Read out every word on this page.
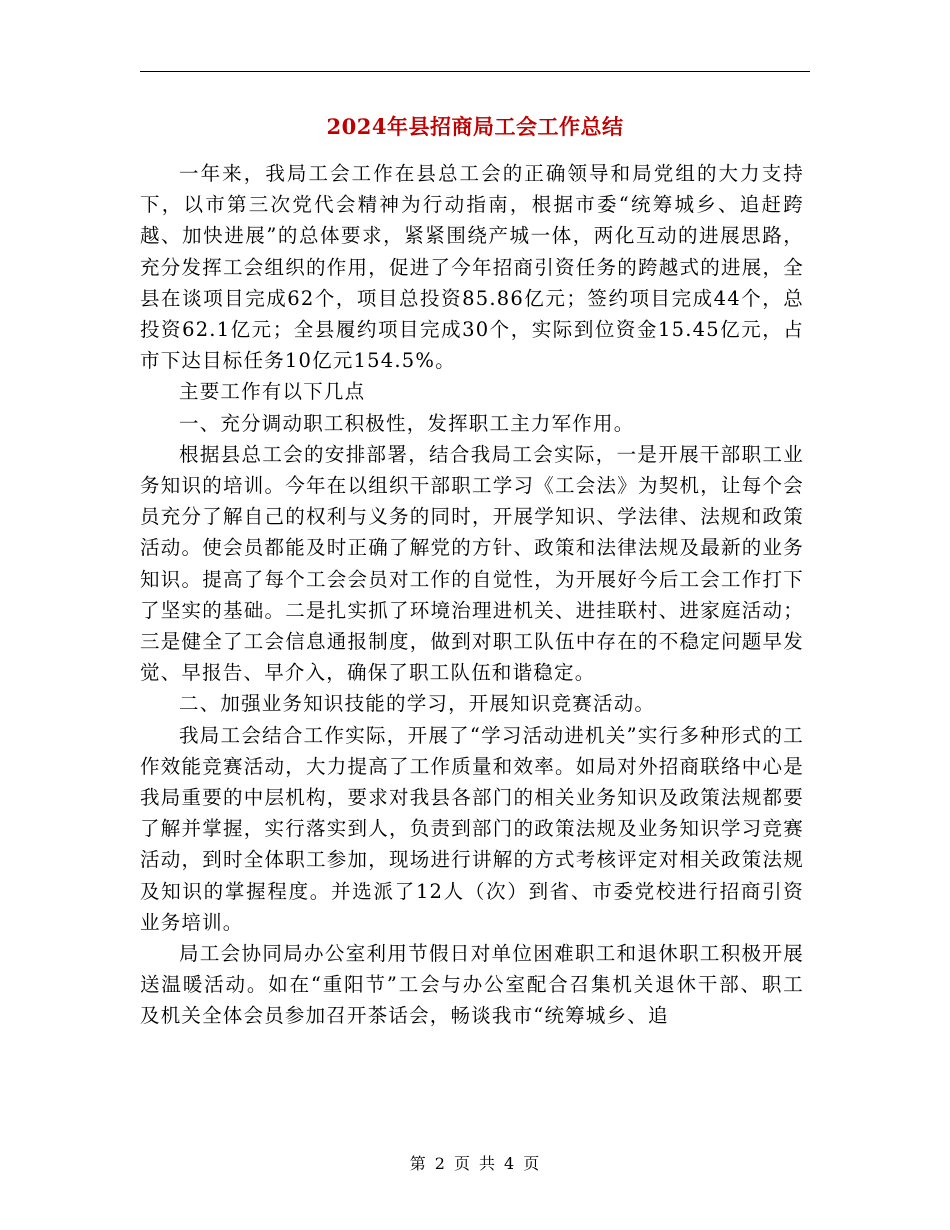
2024年县招商局工会工作总结

一年来，我局工会工作在县总工会的正确领导和局党组的大力支持下，以市第三次党代会精神为行动指南，根据市委“统筹城乡、追赶跨越、加快进展”的总体要求，紧紧围绕产城一体，两化互动的进展思路，充分发挥工会组织的作用，促进了今年招商引资任务的跨越式的进展，全县在谈项目完成62个，项目总投资85.86亿元；签约项目完成44个，总投资62.1亿元；全县履约项目完成30个，实际到位资金15.45亿元，占市下达目标任务10亿元154.5%。

主要工作有以下几点

一、充分调动职工积极性，发挥职工主力军作用。

根据县总工会的安排部署，结合我局工会实际，一是开展干部职工业务知识的培训。今年在以组织干部职工学习《工会法》为契机，让每个会员充分了解自己的权利与义务的同时，开展学知识、学法律、法规和政策活动。使会员都能及时正确了解党的方针、政策和法律法规及最新的业务知识。提高了每个工会会员对工作的自觉性，为开展好今后工会工作打下了坚实的基础。二是扎实抓了环境治理进机关、进挂联村、进家庭活动；三是健全了工会信息通报制度，做到对职工队伍中存在的不稳定问题早发觉、早报告、早介入，确保了职工队伍和谐稳定。

二、加强业务知识技能的学习，开展知识竞赛活动。

我局工会结合工作实际，开展了“学习活动进机关”实行多种形式的工作效能竞赛活动，大力提高了工作质量和效率。如局对外招商联络中心是我局重要的中层机构，要求对我县各部门的相关业务知识及政策法规都要了解并掌握，实行落实到人，负责到部门的政策法规及业务知识学习竞赛活动，到时全体职工参加，现场进行讲解的方式考核评定对相关政策法规及知识的掌握程度。并选派了12人（次）到省、市委党校进行招商引资业务培训。

局工会协同局办公室利用节假日对单位困难职工和退休职工积极开展送温暖活动。如在“重阳节”工会与办公室配合召集机关退休干部、职工及机关全体会员参加召开茶话会，畅谈我市“统筹城乡、追

第 2 页 共 4 页
